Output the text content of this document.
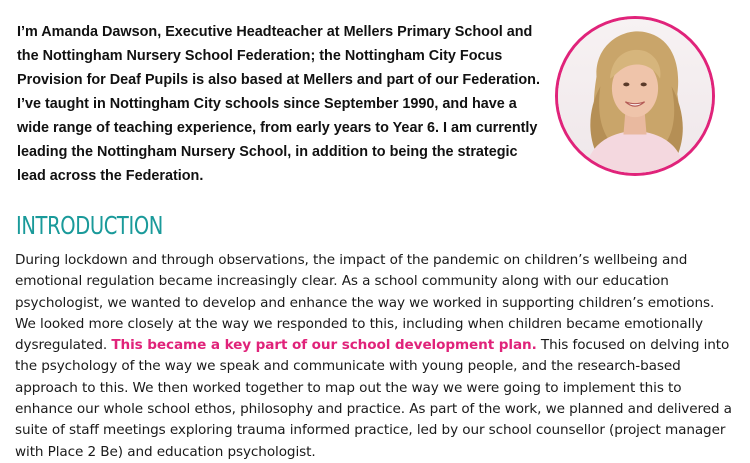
I’m Amanda Dawson, Executive Headteacher at Mellers Primary School and the Nottingham Nursery School Federation; the Nottingham City Focus Provision for Deaf Pupils is also based at Mellers and part of our Federation. I’ve taught in Nottingham City schools since September 1990, and have a wide range of teaching experience, from early years to Year 6. I am currently leading the Nottingham Nursery School, in addition to being the strategic lead across the Federation.

INTRODUCTION

During lockdown and through observations, the impact of the pandemic on children’s wellbeing and emotional regulation became increasingly clear. As a school community along with our education psychologist, we wanted to develop and enhance the way we worked in supporting children’s emotions. We looked more closely at the way we responded to this, including when children became emotionally dysregulated. This became a key part of our school development plan. This focused on delving into the psychology of the way we speak and communicate with young people, and the research-based approach to this. We then worked together to map out the way we were going to implement this to enhance our whole school ethos, philosophy and practice. As part of the work, we planned and delivered a suite of staff meetings exploring trauma informed practice, led by our school counsellor (project manager with Place 2 Be) and education psychologist.
